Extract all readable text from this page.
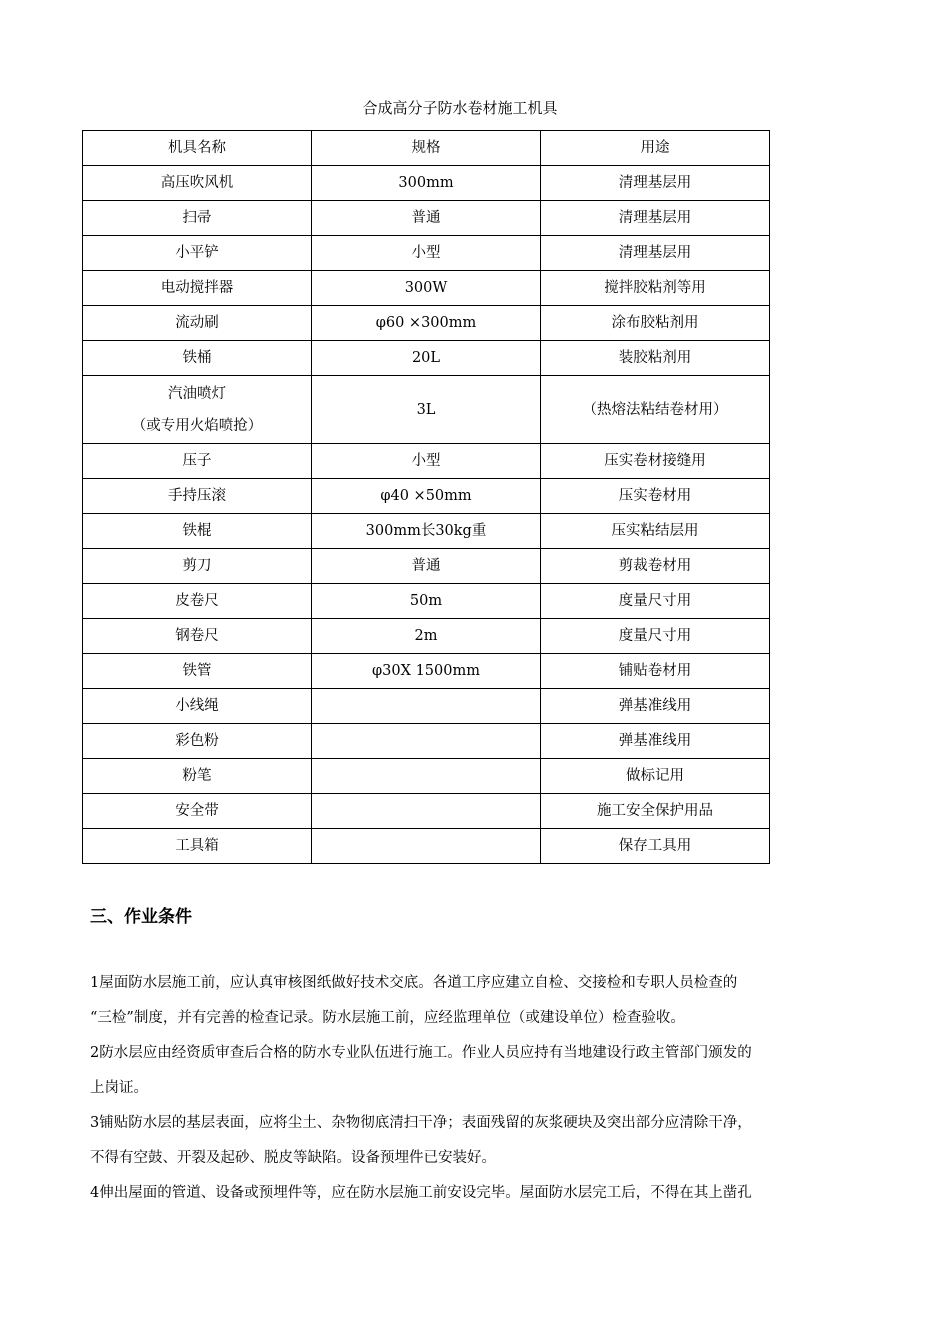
合成高分子防水卷材施工机具
机具名称	规格	用途
高压吹风机	300mm	清理基层用
扫帚	普通	清理基层用
小平铲	小型	清理基层用
电动搅拌器	300W	搅拌胶粘剂等用
流动刷	φ60 ×300mm	涂布胶粘剂用
铁桶	20L	装胶粘剂用

汽油喷灯
（或专用火焰喷抢）	3L	（热熔法粘结卷材用）
压子	小型	压实卷材接缝用
手持压滚	φ40 ×50mm	压实卷材用
铁棍	300mm长30kg重	压实粘结层用
剪刀	普通	剪裁卷材用
皮卷尺	50m	度量尺寸用
钢卷尺	2m	度量尺寸用
铁管	φ30X 1500mm	铺贴卷材用
小线绳		弹基准线用
彩色粉		弹基准线用
粉笔		做标记用
安全带		施工安全保护用品
工具箱		保存工具用
三、作业条件
1屋面防水层施工前，应认真审核图纸做好技术交底。各道工序应建立自检、交接检和专职人员检查的
“三检”制度，并有完善的检查记录。防水层施工前，应经监理单位（或建设单位）检查验收。
2防水层应由经资质审查后合格的防水专业队伍进行施工。作业人员应持有当地建设行政主管部门颁发的
上岗证。
3铺贴防水层的基层表面，应将尘土、杂物彻底清扫干净；表面残留的灰浆硬块及突出部分应清除干净，
不得有空鼓、开裂及起砂、脱皮等缺陷。设备预埋件已安装好。
4伸出屋面的管道、设备或预埋件等，应在防水层施工前安设完毕。屋面防水层完工后，不得在其上凿孔
